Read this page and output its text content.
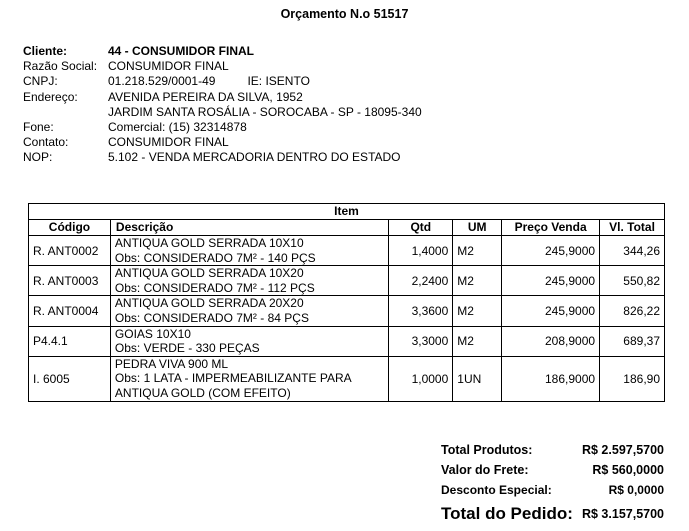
Orçamento N.o 51517
Cliente:	44 - CONSUMIDOR FINAL
Razão Social: CONSUMIDOR FINAL
CNPJ:	01.218.529/0001-49	IE:
ISENTO
Endereço:	AVENIDA PEREIRA DA SILVA, 1952
JARDIM SANTA ROSÁLIA - SOROCABA - SP - 18095-340
Fone:	Comercial: (15) 32314878
Contato:	CONSUMIDOR FINAL
NOP:	5.102 - VENDA MERCADORIA DENTRO DO ESTADO
Item					
Código	Descrição	Qtd	UM	Preço Venda	Vl. Total
R. ANT0002	ANTIQUA GOLD SERRADA 10X10
Obs: CONSIDERADO 7M² - 140 PÇS	1,4000	M2	245,9000	344,26
R. ANT0003	ANTIQUA GOLD SERRADA 10X20
Obs: CONSIDERADO 7M² - 112 PÇS	2,2400	M2	245,9000	550,82
R. ANT0004	ANTIQUA GOLD SERRADA 20X20
Obs: CONSIDERADO 7M² - 84 PÇS	3,3600	M2	245,9000	826,22
P4.4.1	GOIAS 10X10
Obs: VERDE - 330 PEÇAS	3,3000	M2	208,9000	689,37
I. 6005	PEDRA VIVA 900 ML
Obs: 1 LATA - IMPERMEABILIZANTE PARA
ANTIQUA GOLD (COM EFEITO)	1,0000	1UN	186,9000	186,90
Total Produtos:	R$ 2.597,5700
Valor do Frete:	R$ 560,0000
Desconto Especial:	R$ 0,0000
Total do Pedido: R$ 3.157,5700
